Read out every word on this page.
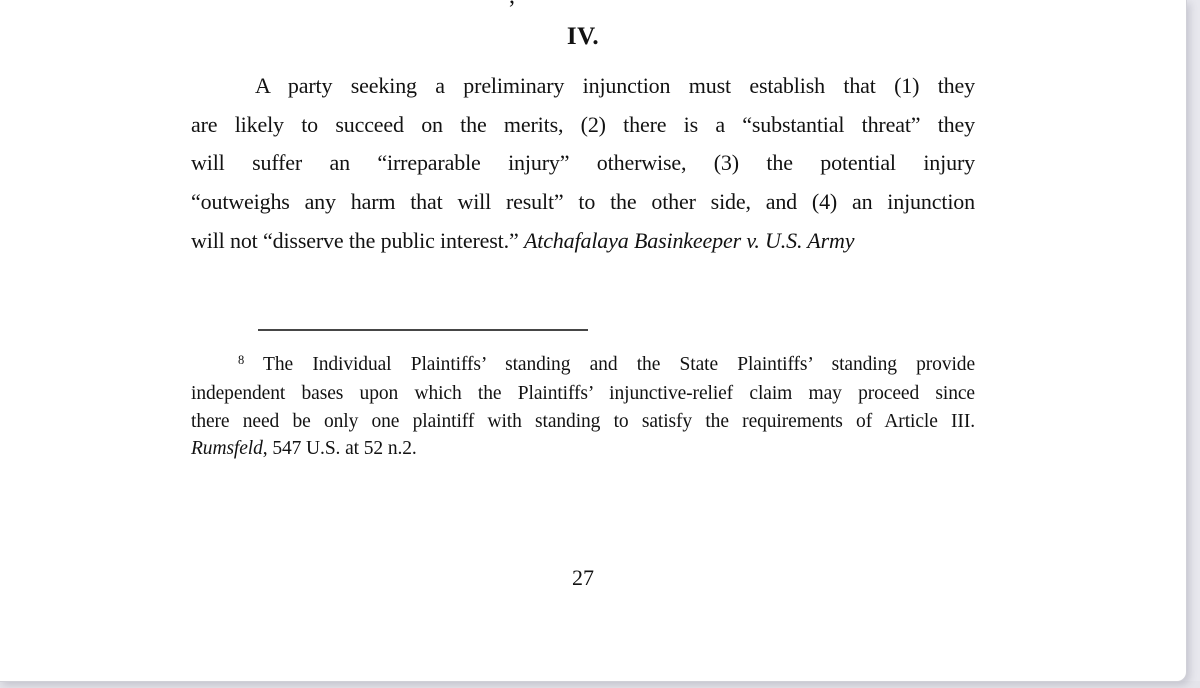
IV.
A party seeking a preliminary injunction must establish that (1) they
are likely to succeed on the merits, (2) there is a “substantial threat” they
will suffer an “irreparable injury” otherwise, (3) the potential injury
“outweighs any harm that will result” to the other side, and (4) an injunction
will not “disserve the public interest.” Atchafalaya Basinkeeper v. U.S. Army
$^8$ The Individual Plaintiffs’ standing and the State Plaintiffs’ standing provide
independent bases upon which the Plaintiffs’ injunctive-relief claim may proceed since
there need be only one plaintiff with standing to satisfy the requirements of Article III.
Rumsfeld, 547 U.S. at 52 n.2.
27
